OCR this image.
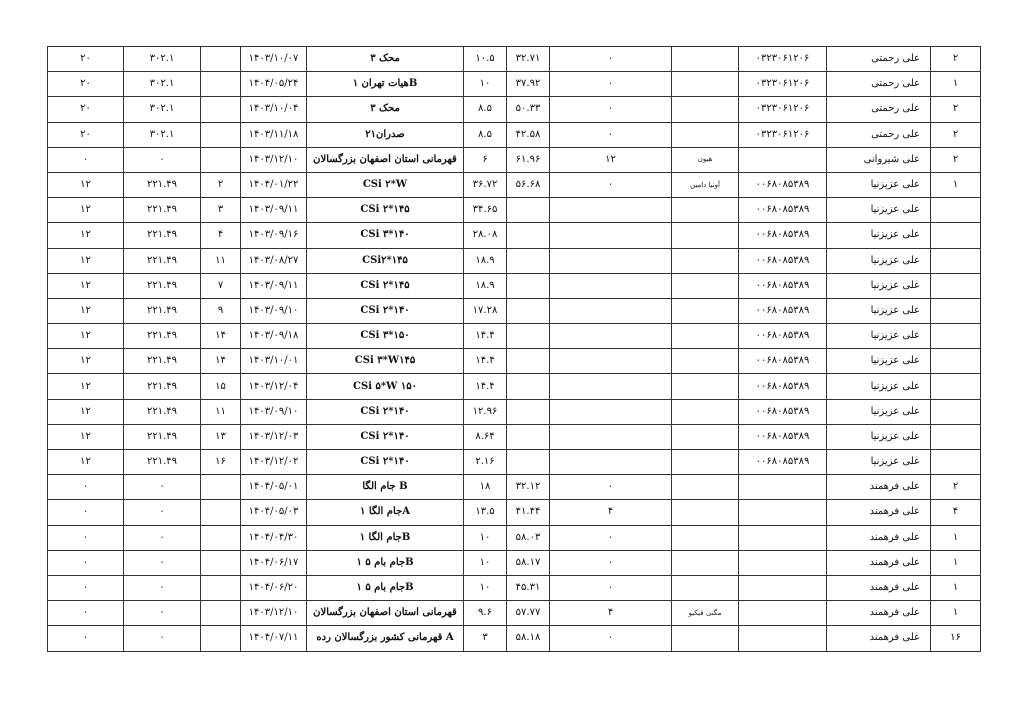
۲۰	۳۰۲.۱		۱۴۰۳/۱۰/۰۷	محک ۳	۱۰.۵	۳۲.۷۱	۰		۰۳۲۳۰۶۱۲۰۶	علی رحمتی	۲
۲۰	۳۰۲.۱		۱۴۰۴/۰۵/۲۴	هیات تهران ۱B	۱۰	۳۷.۹۲	۰		۰۳۲۳۰۶۱۲۰۶	علی رحمتی	۱
۲۰	۳۰۲.۱		۱۴۰۳/۱۰/۰۴	محک ۳	۸.۵	۵۰.۳۳	۰		۰۳۲۳۰۶۱۲۰۶	علی رحمتی	۲
۲۰	۳۰۲.۱		۱۴۰۳/۱۱/۱۸	صدران۲۱	۸.۵	۴۲.۵۸	۰		۰۳۲۳۰۶۱۲۰۶	علی رحمتی	۲
۰	۰		۱۴۰۳/۱۲/۱۰	قهرمانی استان اصفهان بزرگسالان	۶	۶۱.۹۶	۱۲	هیون		علی شیروانی	۲
۱۲	۲۲۱.۴۹	۲	۱۴۰۴/۰۱/۲۲	CSi ۲*W	۳۶.۷۲	۵۶.۶۸	۰	آونیا دامین	۰۰۶۸۰۸۵۳۸۹	علی عزیزنیا	۱
۱۲	۲۲۱.۴۹	۳	۱۴۰۳/۰۹/۱۱	CSi ۲*۱۴۵	۳۴.۶۵				۰۰۶۸۰۸۵۳۸۹	علی عزیزنیا	
۱۲	۲۲۱.۴۹	۴	۱۴۰۳/۰۹/۱۶	CSi ۳*۱۴۰	۲۸.۰۸				۰۰۶۸۰۸۵۳۸۹	علی عزیزنیا	
۱۲	۲۲۱.۴۹	۱۱	۱۴۰۳/۰۸/۲۷	CSi۲*۱۴۵	۱۸.۹				۰۰۶۸۰۸۵۳۸۹	علی عزیزنیا	
۱۲	۲۲۱.۴۹	۷	۱۴۰۳/۰۹/۱۱	CSi ۲*۱۴۵	۱۸.۹				۰۰۶۸۰۸۵۳۸۹	علی عزیزنیا	
۱۲	۲۲۱.۴۹	۹	۱۴۰۳/۰۹/۱۰	CSi ۲*۱۴۰	۱۷.۲۸				۰۰۶۸۰۸۵۳۸۹	علی عزیزنیا	
۱۲	۲۲۱.۴۹	۱۴	۱۴۰۳/۰۹/۱۸	CSi ۳*۱۵۰	۱۴.۴				۰۰۶۸۰۸۵۳۸۹	علی عزیزنیا	
۱۲	۲۲۱.۴۹	۱۴	۱۴۰۳/۱۰/۰۱	CSi ۳*W۱۴۵	۱۴.۴				۰۰۶۸۰۸۵۳۸۹	علی عزیزنیا	
۱۲	۲۲۱.۴۹	۱۵	۱۴۰۳/۱۲/۰۴	CSi ۵*W ۱۵۰	۱۴.۴				۰۰۶۸۰۸۵۳۸۹	علی عزیزنیا	
۱۲	۲۲۱.۴۹	۱۱	۱۴۰۳/۰۹/۱۰	CSi ۲*۱۴۰	۱۲.۹۶				۰۰۶۸۰۸۵۳۸۹	علی عزیزنیا	
۱۲	۲۲۱.۴۹	۱۳	۱۴۰۳/۱۲/۰۳	CSi ۲*۱۴۰	۸.۶۴				۰۰۶۸۰۸۵۳۸۹	علی عزیزنیا	
۱۲	۲۲۱.۴۹	۱۶	۱۴۰۳/۱۲/۰۲	CSi ۲*۱۴۰	۲.۱۶				۰۰۶۸۰۸۵۳۸۹	علی عزیزنیا	
۰	۰		۱۴۰۴/۰۵/۰۱	جام الگا B	۱۸	۳۲.۱۲	۰			علی فرهمند	۲
۰	۰		۱۴۰۴/۰۵/۰۳	جام الگا ۱A	۱۳.۵	۴۱.۴۴	۴			علی فرهمند	۴
۰	۰		۱۴۰۴/۰۴/۳۰	جام الگا ۱B	۱۰	۵۸.۰۳	۰			علی فرهمند	۱
۰	۰		۱۴۰۴/۰۶/۱۷	جام بام ۵ ۱B	۱۰	۵۸.۱۷	۰			علی فرهمند	۱
۰	۰		۱۴۰۴/۰۶/۲۰	جام بام ۵ ۱B	۱۰	۴۵.۳۱	۰			علی فرهمند	۱
۰	۰		۱۴۰۳/۱۲/۱۰	قهرمانی استان اصفهان بزرگسالان	۹.۶	۵۷.۷۷	۴	مگنی فیکیو		علی فرهمند	۱
۰	۰		۱۴۰۴/۰۷/۱۱	قهرمانی کشور بزرگسالان رده A	۳	۵۸.۱۸	۰			علی فرهمند	۱۶
